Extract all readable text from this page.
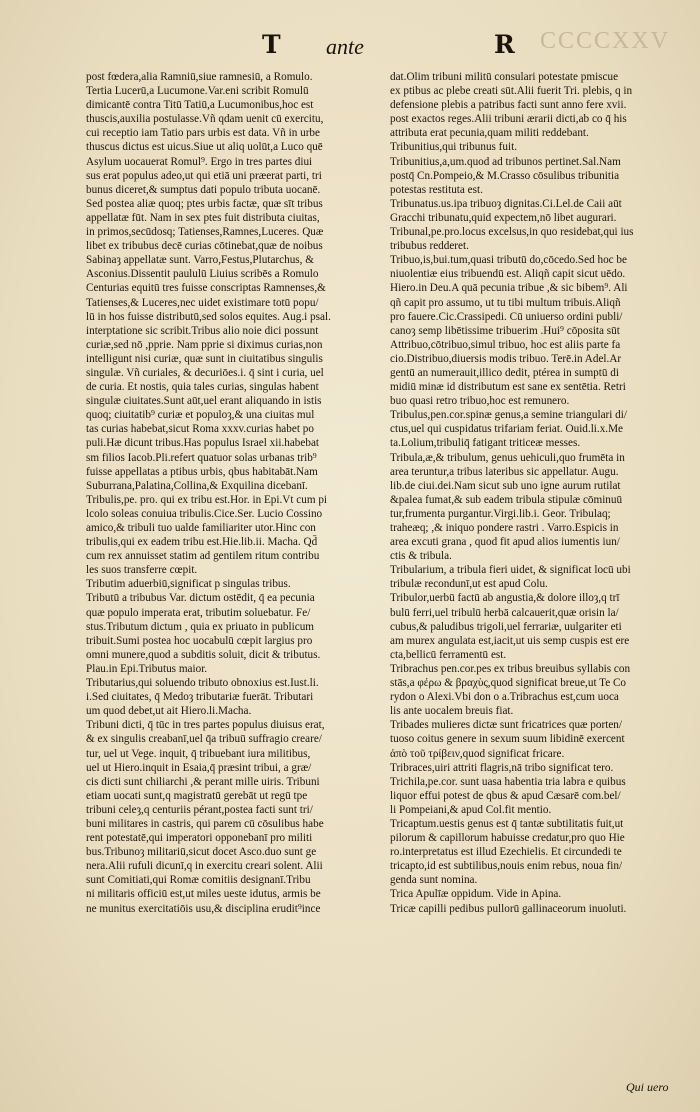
T ante	R CCCCXXV
post fœdera,alia Ramniū,siue ramnesiū, a Romulo.
Tertia Lucerū,a Lucumone.Var.eni scribit Romulū
dimicantē contra Titū Tatiū,a Lucumonibus,hoc est
thuscis,auxilia postulasse.Vñ qdam uenit cū exercitu,
cui receptio iam Tatio pars urbis est data. Vñ in urbe
thuscus dictus est uicus.Siue ut aliq uolūt,a Luco quē
Asylum uocauerat Romul⁹. Ergo in tres partes diui
sus erat populus adeo,ut qui etiā uni præerat parti, tri
bunus diceret,& sumptus dati populo tributa uocanē.
Sed postea aliæ quoq; ptes urbis factæ, quæ sīt tribus
appellatæ fūt. Nam in sex ptes fuit distributa ciuitas,
in primos,secūdosq; Tatienses,Ramnes,Luceres. Quæ
libet ex tribubus decē curias cōtinebat,quæ de noibus
Sabinaȝ appellatæ sunt. Varro,Festus,Plutarchus, &
Asconius.Dissentit paululū Liuius scribēs a Romulo
Centurias equitū tres fuisse conscriptas Ramnenses,&
Tatienses,& Luceres,nec uidet existimare totū popu/
lū in hos fuisse distributū,sed solos equites. Aug.i psal.
interptatione sic scribit.Tribus alio noie dici possunt
curiæ,sed nō ,pprie. Nam pprie si diximus curias,non
intelligunt nisi curiæ, quæ sunt in ciuitatibus singulis
singulæ. Vñ curiales, & decuriōes.i. q̄ sint i curia, uel
de curia. Et nostis, quia tales curias, singulas habent
singulæ ciuitates.Sunt aūt,uel erant aliquando in istis
quoq; ciuitatib⁹ curiæ et populoȝ,& una ciuitas mul
tas curias habebat,sicut Roma xxxv.curias habet po
puli.Hæ dicunt tribus.Has populus Israel xii.habebat
sm filios Iacob.Pli.refert quatuor solas urbanas trib⁹
fuisse appellatas a ptibus urbis, qbus habitabāt.Nam
Suburrana,Palatina,Collina,& Exquilina dicebanī.
Tribulis,pe. pro. qui ex tribu est.Hor. in Epi.Vt cum pi
lcolo soleas conuiua tribulis.Cice.Ser. Lucio Cossino
amico,& tribuli tuo ualde familiariter utor.Hinc con
tribulis,qui ex eadem tribu est.Hie.lib.ii. Macha. Qd̄
cum rex annuisset statim ad gentilem ritum contribu
les suos transferre cœpit.
Tributim aduerbiū,significat p singulas tribus.
Tributū a tribubus Var. dictum ostēdit, q̄ ea pecunia
quæ populo imperata erat, tributim soluebatur. Fe/
stus.Tributum dictum , quia ex priuato in publicum
tribuit.Sumi postea hoc uocabulū cœpit largius pro
omni munere,quod a subditis soluit, dicit & tributus.
Plau.in Epi.Tributus maior.
Tributarius,qui soluendo tributo obnoxius est.Iust.li.
i.Sed ciuitates, q̄ Medoȝ tributariæ fuerāt. Tributari
um quod debet,ut ait Hiero.li.Macha.
Tribuni dicti, q̄ tūc in tres partes populus diuisus erat,
& ex singulis creabanī,uel q̄a tribuū suffragio creare/
tur, uel ut Vege. inquit, q̄ tribuebant iura militibus,
uel ut Hiero.inquit in Esaia,q̄ præsint tribui, a græ/
cis dicti sunt chiliarchi ,& perant mille uiris. Tribuni
etiam uocati sunt,q magistratū gerebāt ut regū tpe
tribuni celeȝ,q centuriis pérant,postea facti sunt tri/
buni militares in castris, qui parem cū cōsulibus habe
rent potestatē,qui imperatori opponebanī pro militi
bus.Tribunoȝ militariū,sicut docet Asco.duo sunt ge
nera.Alii rufuli dicunī,q in exercitu creari solent. Alii
sunt Comitiati,qui Romæ comitiis designanī.Tribu
ni militaris officiū est,ut miles ueste idutus, armis be
ne munitus exercitatiōis usu,& disciplina erudit⁹ince
dat.Olim tribuni militū consulari potestate pmiscue
ex ptibus ac plebe creati sūt.Alii fuerit Tri. plebis, q in
defensione plebis a patribus facti sunt anno fere xvii.
post exactos reges.Alii tribuni ærarii dicti,ab co q̄ his
attributa erat pecunia,quam militi reddebant.
Tribunitius,qui tribunus fuit.
Tribunitius,a,um.quod ad tribunos pertinet.Sal.Nam
postq̄ Cn.Pompeio,& M.Crasso cōsulibus tribunitia
potestas restituta est.
Tribunatus.us.ipa tribuoȝ dignitas.Ci.Lel.de Caii aūt
Gracchi tribunatu,quid expectem,nō libet augurari.
Tribunal,pe.pro.locus excelsus,in quo residebat,qui ius
tribubus redderet.
Tribuo,is,bui.tum,quasi tributū do,cōcedo.Sed hoc be
niuolentiæ eius tribuendū est. Aliqñ capit sicut uēdo.
Hiero.in Deu.A quā pecunia tribue ,& sic bibem⁹. Ali
qñ capit pro assumo, ut tu tibi multum tribuis.Aliqñ
pro fauere.Cic.Crassipedi. Cū uniuerso ordini publi/
canoȝ semp libētissime tribuerim .Hui⁹ cōposita sūt
Attribuo,cōtribuo,simul tribuo, hoc est aliis parte fa
cio.Distribuo,diuersis modis tribuo. Terē.in Adel.Ar
gentū an numerauit,illico dedit, ptérea in sumptū di
midiū minæ id distributum est sane ex sentētia. Retri
buo quasi retro tribuo,hoc est remunero.
Tribulus,pen.cor.spinæ genus,a semine triangulari di/
ctus,uel qui cuspidatus trifariam feriat. Ouid.li.x.Me
ta.Lolium,tribuliq̄ fatigant triticeæ messes.
Tribula,æ,& tribulum, genus uehiculi,quo frumēta in
area teruntur,a tribus lateribus sic appellatur. Augu.
lib.de ciui.dei.Nam sicut sub uno igne aurum rutilat
&palea fumat,& sub eadem tribula stipulæ cōminuū
tur,frumenta purgantur.Virgi.lib.i. Geor. Tribulaq;
traheæq; ,& iniquo pondere rastri . Varro.Espicis in
area excuti grana , quod fit apud alios iumentis iun/
ctis & tribula.
Tribularium, a tribula fieri uidet, & significat locū ubi
tribulæ recondunī,ut est apud Colu.
Tribulor,uerbū factū ab angustia,& dolore illoȝ,q trī
bulū ferri,uel tribulū herbā calcauerit,quæ orisin la/
cubus,& paludibus trigoli,uel ferrariæ, uulgariter eti
am murex angulata est,iacit,ut uis semp cuspis est ere
cta,bellicū ferramentū est.
Tribrachus pen.cor.pes ex tribus breuibus syllabis con
stās,a φέρω & βραχὺς,quod significat breue,ut Te Co
rydon o Alexi.Vbi don o a.Tribrachus est,cum uoca
lis ante uocalem breuis fiat.
Tribades mulieres dictæ sunt fricatrices quæ porten/
tuoso coitus genere in sexum suum libidinē exercent
ἀπὸ τοῦ τρίβειν,quod significat fricare.
Tribraces,uiri attriti flagris,nā tribo significat tero.
Trichila,pe.cor. sunt uasa habentia tria labra e quibus
liquor effui potest de qbus & apud Cæsarē com.bel/
li Pompeiani,& apud Col.fit mentio.
Tricaptum.uestis genus est q̄ tantæ subtilitatis fuit,ut
pilorum & capillorum habuisse credatur,pro quo Hie
ro.interpretatus est illud Ezechielis. Et circundedi te
tricapto,id est subtilibus,nouis enim rebus, noua fin/
genda sunt nomina.
Trica Apulīæ oppidum. Vide in Apina.
Tricæ capilli pedibus pullorū gallinaceorum inuoluti.
Qui uero
